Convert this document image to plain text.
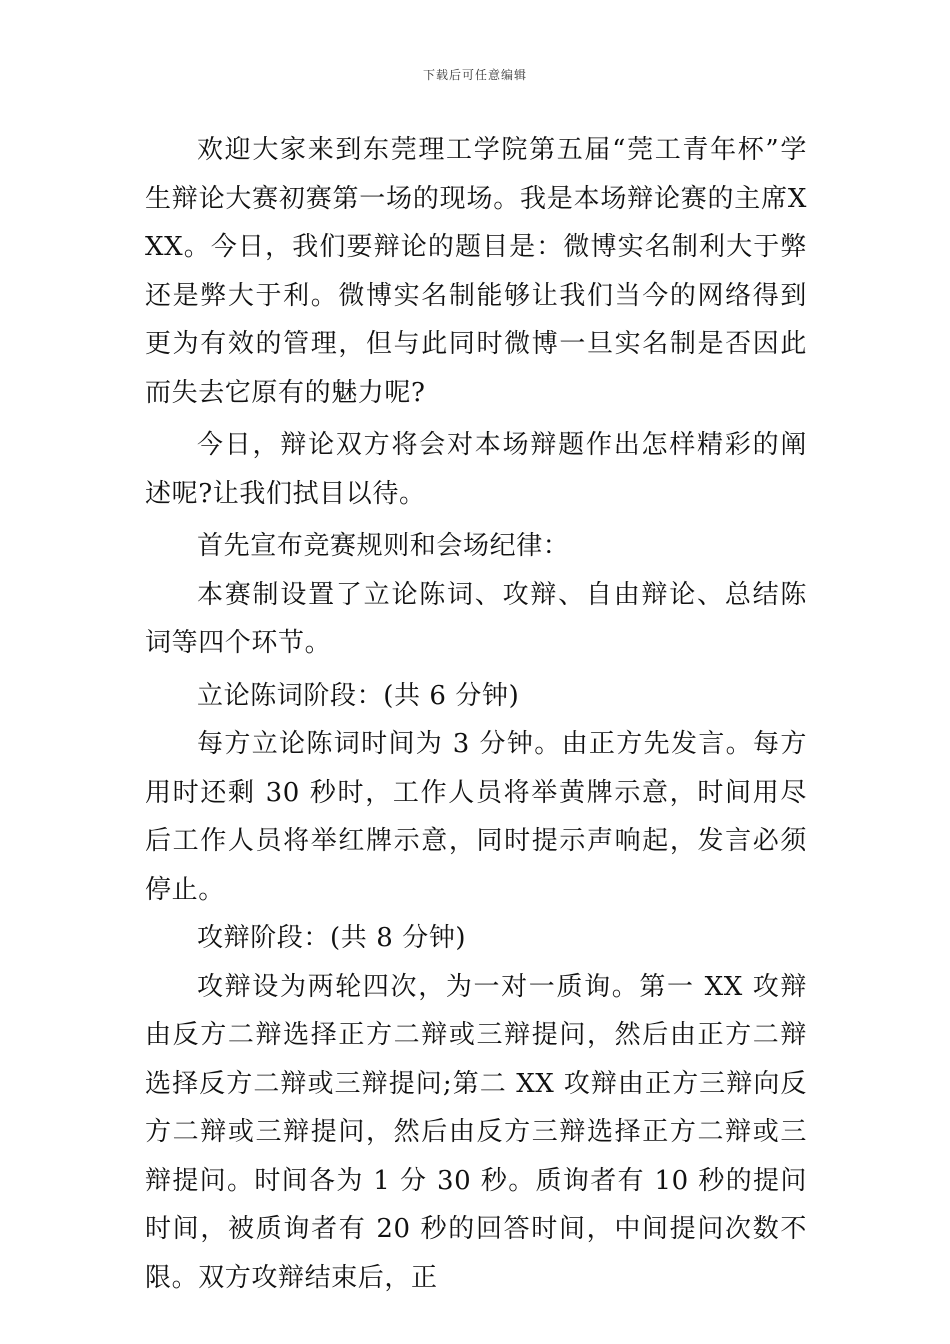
下载后可任意编辑

欢迎大家来到东莞理工学院第五届“莞工青年杯”学生辩论大赛初赛第一场的现场。我是本场辩论赛的主席XXX。今日，我们要辩论的题目是：微博实名制利大于弊还是弊大于利。微博实名制能够让我们当今的网络得到更为有效的管理，但与此同时微博一旦实名制是否因此而失去它原有的魅力呢?

今日，辩论双方将会对本场辩题作出怎样精彩的阐述呢?让我们拭目以待。

首先宣布竞赛规则和会场纪律：

本赛制设置了立论陈词、攻辩、自由辩论、总结陈词等四个环节。

立论陈词阶段：(共 6 分钟)

每方立论陈词时间为 3 分钟。由正方先发言。每方用时还剩 30 秒时，工作人员将举黄牌示意，时间用尽后工作人员将举红牌示意，同时提示声响起，发言必须停止。

攻辩阶段：(共 8 分钟)

攻辩设为两轮四次，为一对一质询。第一 XX 攻辩由反方二辩选择正方二辩或三辩提问，然后由正方二辩选择反方二辩或三辩提问;第二 XX 攻辩由正方三辩向反方二辩或三辩提问，然后由反方三辩选择正方二辩或三辩提问。时间各为 1 分 30 秒。质询者有 10 秒的提问时间，被质询者有 20 秒的回答时间，中间提问次数不限。双方攻辩结束后，正
